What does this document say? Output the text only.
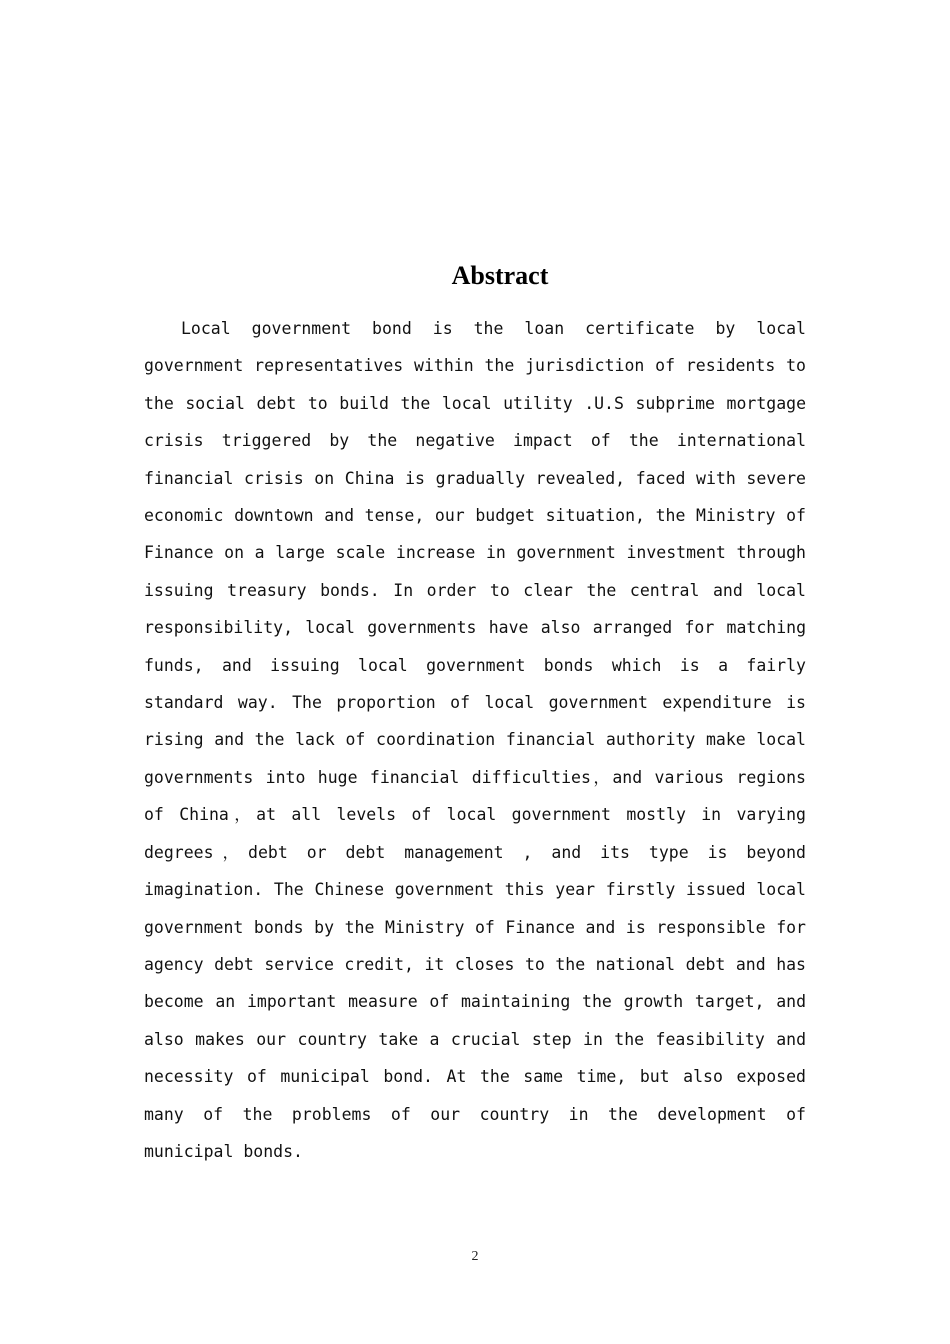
Abstract

Local government bond is the loan certificate by local government representatives within the jurisdiction of residents to the social debt to build the local utility .U.S subprime mortgage crisis triggered by the negative impact of the international financial crisis on China is gradually revealed, faced with severe economic downtown and tense, our budget situation, the Ministry of Finance on a large scale increase in government investment through issuing treasury bonds. In order to clear the central and local responsibility, local governments have also arranged for matching funds, and issuing local government bonds which is a fairly standard way. The proportion of local government expenditure is rising and the lack of coordination financial authority make local governments into huge financial difficulties，and various regions of China，at all levels of local government mostly in varying degrees，debt or debt management , and its type is beyond imagination. The Chinese government this year firstly issued local government bonds by the Ministry of Finance and is responsible for agency debt service credit, it closes to the national debt and has become an important measure of maintaining the growth target, and also makes our country take a crucial step in the feasibility and necessity of municipal bond. At the same time, but also exposed many of the problems of our country in the development of municipal bonds.

2
